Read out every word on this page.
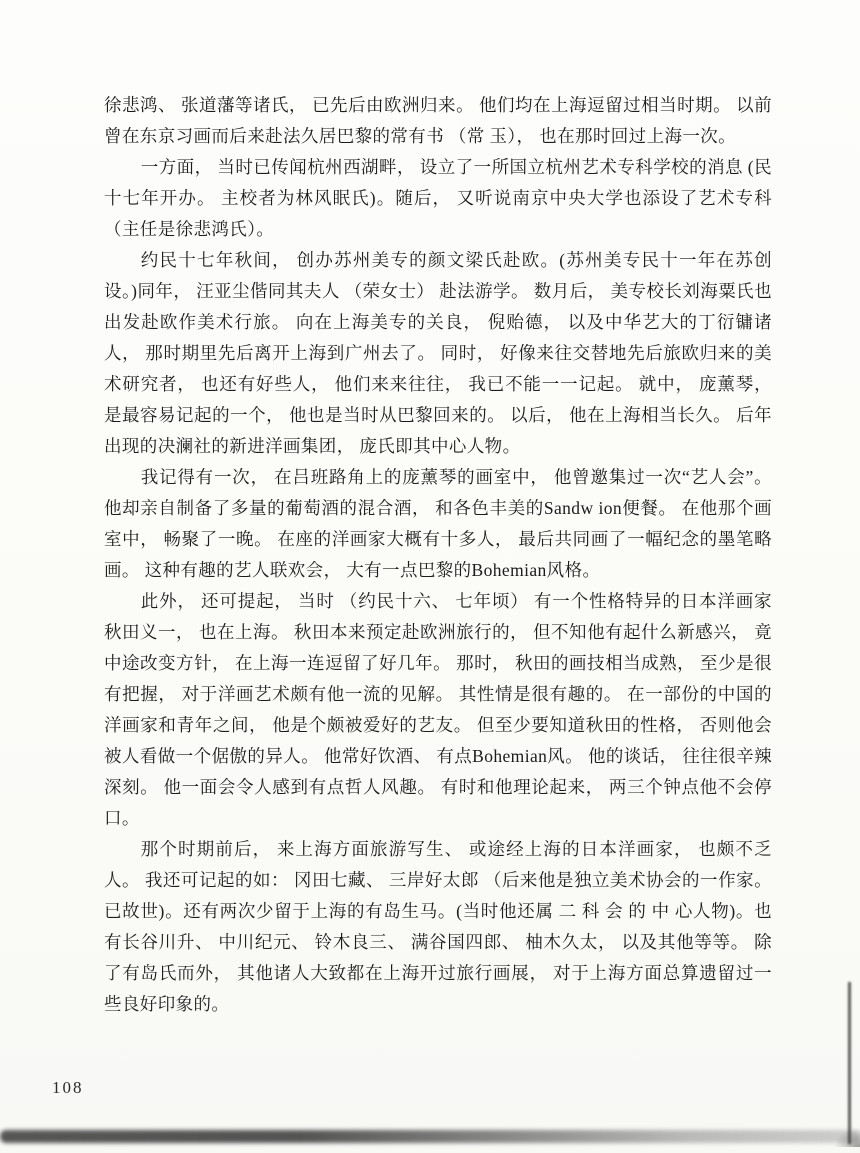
徐悲鸿、 张道藩等诸氏， 已先后由欧洲归来。 他们均在上海逗留过相当时期。 以前曾在东京习画而后来赴法久居巴黎的常有书 （常 玉）， 也在那时回过上海一次。

一方面， 当时已传闻杭州西湖畔， 设立了一所国立杭州艺术专科学校的消息 (民十七年开办。 主校者为林风眠氏)。随后， 又听说南京中央大学也添设了艺术专科 （主任是徐悲鸿氏）。

约民十七年秋间， 创办苏州美专的颜文梁氏赴欧。(苏州美专民十一年在苏创设。)同年， 汪亚尘偕同其夫人 （荣女士） 赴法游学。 数月后， 美专校长刘海粟氏也出发赴欧作美术行旅。 向在上海美专的关良， 倪贻德， 以及中华艺大的丁衍镛诸人， 那时期里先后离开上海到广州去了。 同时， 好像来往交替地先后旅欧归来的美术研究者， 也还有好些人， 他们来来往往， 我已不能一一记起。 就中， 庞薰琴， 是最容易记起的一个， 他也是当时从巴黎回来的。 以后， 他在上海相当长久。 后年出现的决澜社的新进洋画集团， 庞氏即其中心人物。

我记得有一次， 在吕班路角上的庞薰琴的画室中， 他曾邀集过一次“艺人会”。他却亲自制备了多量的葡萄酒的混合酒， 和各色丰美的Sandw ion便餐。 在他那个画室中， 畅聚了一晚。 在座的洋画家大概有十多人， 最后共同画了一幅纪念的墨笔略画。 这种有趣的艺人联欢会， 大有一点巴黎的Bohemian风格。

此外， 还可提起， 当时 （约民十六、 七年顷） 有一个性格特异的日本洋画家秋田义一， 也在上海。 秋田本来预定赴欧洲旅行的， 但不知他有起什么新感兴， 竟中途改变方针， 在上海一连逗留了好几年。 那时， 秋田的画技相当成熟， 至少是很有把握， 对于洋画艺术颇有他一流的见解。 其性情是很有趣的。 在一部份的中国的洋画家和青年之间， 他是个颇被爱好的艺友。 但至少要知道秋田的性格， 否则他会被人看做一个倨傲的异人。 他常好饮酒、 有点Bohemian风。 他的谈话， 往往很辛辣深刻。 他一面会令人感到有点哲人风趣。 有时和他理论起来， 两三个钟点他不会停口。

那个时期前后， 来上海方面旅游写生、 或途经上海的日本洋画家， 也颇不乏人。 我还可记起的如： 冈田七藏、 三岸好太郎 （后来他是独立美术协会的一作家。已故世)。还有两次少留于上海的有岛生马。(当时他还属 二 科 会 的 中 心人物)。也有长谷川升、 中川纪元、 铃木良三、 满谷国四郎、 柚木久太， 以及其他等等。 除了有岛氏而外， 其他诸人大致都在上海开过旅行画展， 对于上海方面总算遗留过一些良好印象的。

108
